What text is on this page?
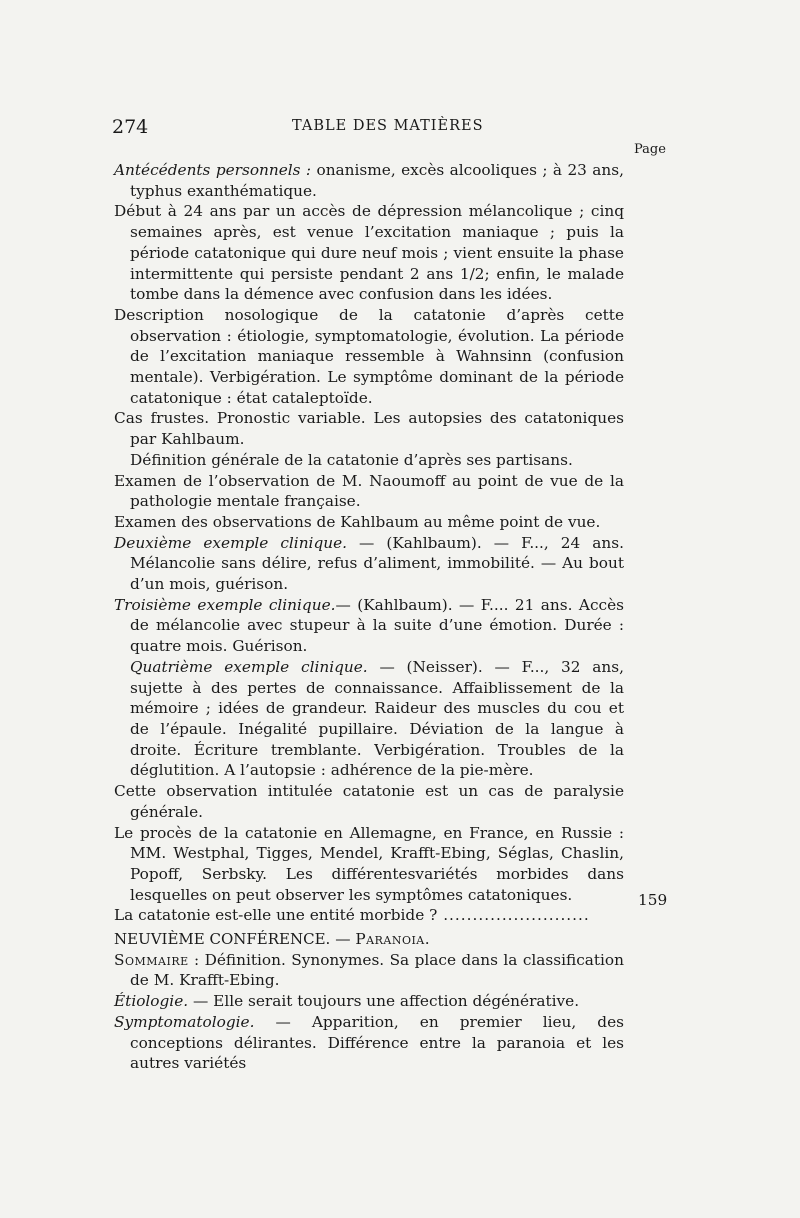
274	TABLE DES MATIÈRES
Page
Antécédents personnels : onanisme, excès alcooliques ; à 23 ans, typhus exanthématique.
Début à 24 ans par un accès de dépression mélancolique ; cinq semaines après, est venue l’excitation maniaque ; puis la période catatonique qui dure neuf mois ; vient ensuite la phase intermittente qui persiste pendant 2 ans 1/2; enfin, le malade tombe dans la démence avec confusion dans les idées.
Description nosologique de la catatonie d’après cette observation : étiologie, symptomatologie, évolution. La période de l’excitation maniaque ressemble à Wahnsinn (confusion mentale). Verbigération. Le symptôme dominant de la période catatonique : état cataleptoïde.
Cas frustes. Pronostic variable. Les autopsies des catatoniques par Kahlbaum.
Définition générale de la catatonie d’après ses partisans.
Examen de l’observation de M. Naoumoff au point de vue de la pathologie mentale française.
Examen des observations de Kahlbaum au même point de vue.
Deuxième exemple clinique. — (Kahlbaum). — F..., 24 ans. Mélancolie sans délire, refus d’aliment, immobilité. — Au bout d’un mois, guérison.
Troisième exemple clinique.— (Kahlbaum). — F.... 21 ans. Accès de mélancolie avec stupeur à la suite d’une émotion. Durée : quatre mois. Guérison.
Quatrième exemple clinique. — (Neisser). — F..., 32 ans, sujette à des pertes de connaissance. Affaiblissement de la mémoire ; idées de grandeur. Raideur des muscles du cou et de l’épaule. Inégalité pupillaire. Déviation de la langue à droite. Écriture tremblante. Verbigération. Troubles de la déglutition. A l’autopsie : adhérence de la pie-mère.
Cette observation intitulée catatonie est un cas de paralysie générale.
Le procès de la catatonie en Allemagne, en France, en Russie : MM. Westphal, Tigges, Mendel, Krafft-Ebing, Séglas, Chaslin, Popoff, Serbsky. Les différentesvariétés morbides dans lesquelles on peut observer les symptômes catatoniques.
La catatonie est-elle une entité morbide ? .........................
NEUVIÈME CONFÉRENCE. — Paranoia.
Sommaire : Définition. Synonymes. Sa place dans la classification de M. Krafft-Ebing.
Étiologie. — Elle serait toujours une affection dégénérative.
Symptomatologie. — Apparition, en premier lieu, des conceptions délirantes. Différence entre la paranoia et les autres variétés
159
